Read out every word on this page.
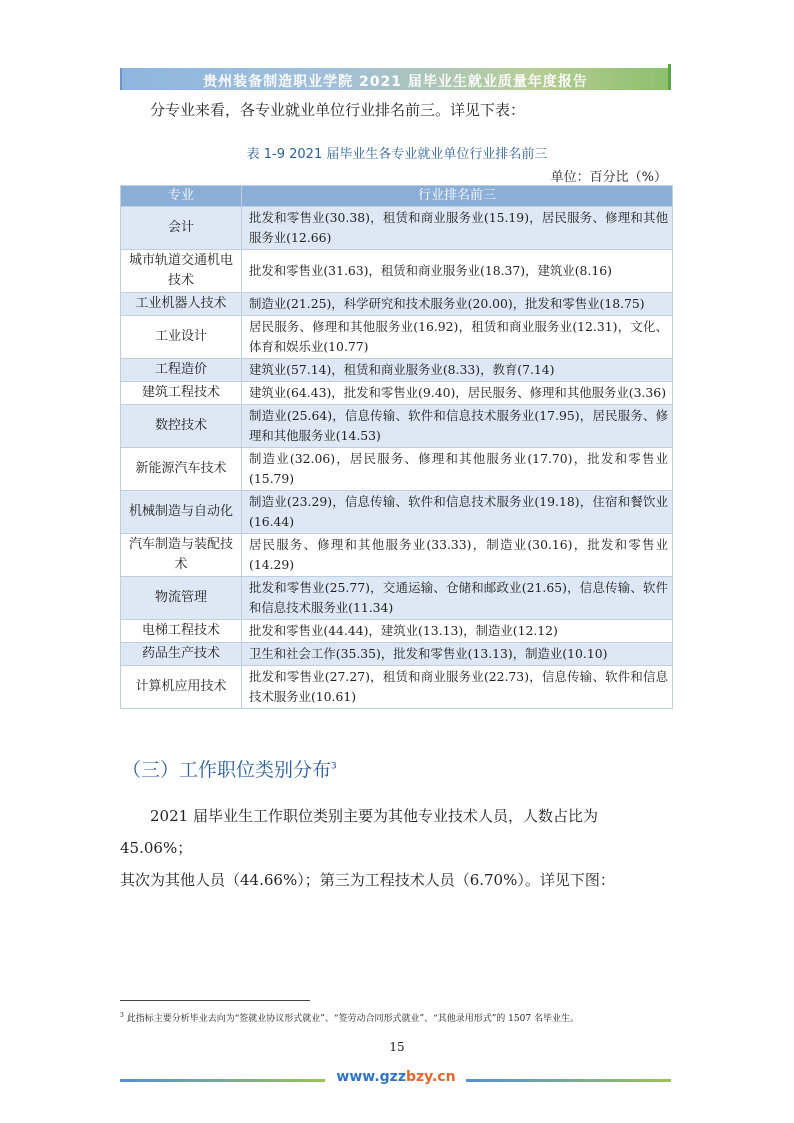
贵州装备制造职业学院 2021 届毕业生就业质量年度报告
分专业来看，各专业就业单位行业排名前三。详见下表：
表 1-9 2021 届毕业生各专业就业单位行业排名前三
单位：百分比（%）
专业	行业排名前三
会计	批发和零售业(30.38)，租赁和商业服务业(15.19)，居民服务、修理和其他服务业(12.66)
城市轨道交通机电技术	批发和零售业(31.63)，租赁和商业服务业(18.37)，建筑业(8.16)
工业机器人技术	制造业(21.25)，科学研究和技术服务业(20.00)，批发和零售业(18.75)
工业设计	居民服务、修理和其他服务业(16.92)，租赁和商业服务业(12.31)，文化、体育和娱乐业(10.77)
工程造价	建筑业(57.14)，租赁和商业服务业(8.33)，教育(7.14)
建筑工程技术	建筑业(64.43)，批发和零售业(9.40)，居民服务、修理和其他服务业(3.36)
数控技术	制造业(25.64)，信息传输、软件和信息技术服务业(17.95)，居民服务、修理和其他服务业(14.53)
新能源汽车技术	制造业(32.06)，居民服务、修理和其他服务业(17.70)，批发和零售业(15.79)
机械制造与自动化	制造业(23.29)，信息传输、软件和信息技术服务业(19.18)，住宿和餐饮业(16.44)
汽车制造与装配技术	居民服务、修理和其他服务业(33.33)，制造业(30.16)，批发和零售业(14.29)
物流管理	批发和零售业(25.77)，交通运输、仓储和邮政业(21.65)，信息传输、软件和信息技术服务业(11.34)
电梯工程技术	批发和零售业(44.44)，建筑业(13.13)，制造业(12.12)
药品生产技术	卫生和社会工作(35.35)，批发和零售业(13.13)，制造业(10.10)
计算机应用技术	批发和零售业(27.27)，租赁和商业服务业(22.73)，信息传输、软件和信息技术服务业(10.61)
（三）工作职位类别分布$^3$

2021 届毕业生工作职位类别主要为其他专业技术人员，人数占比为 45.06%；

其次为其他人员（44.66%）；第三为工程技术人员（6.70%）。详见下图：

$^3$ 此指标主要分析毕业去向为“签就业协议形式就业”、“签劳动合同形式就业”、“其他录用形式”的 1507 名毕业生。
15
www.gzzbzy.cn
